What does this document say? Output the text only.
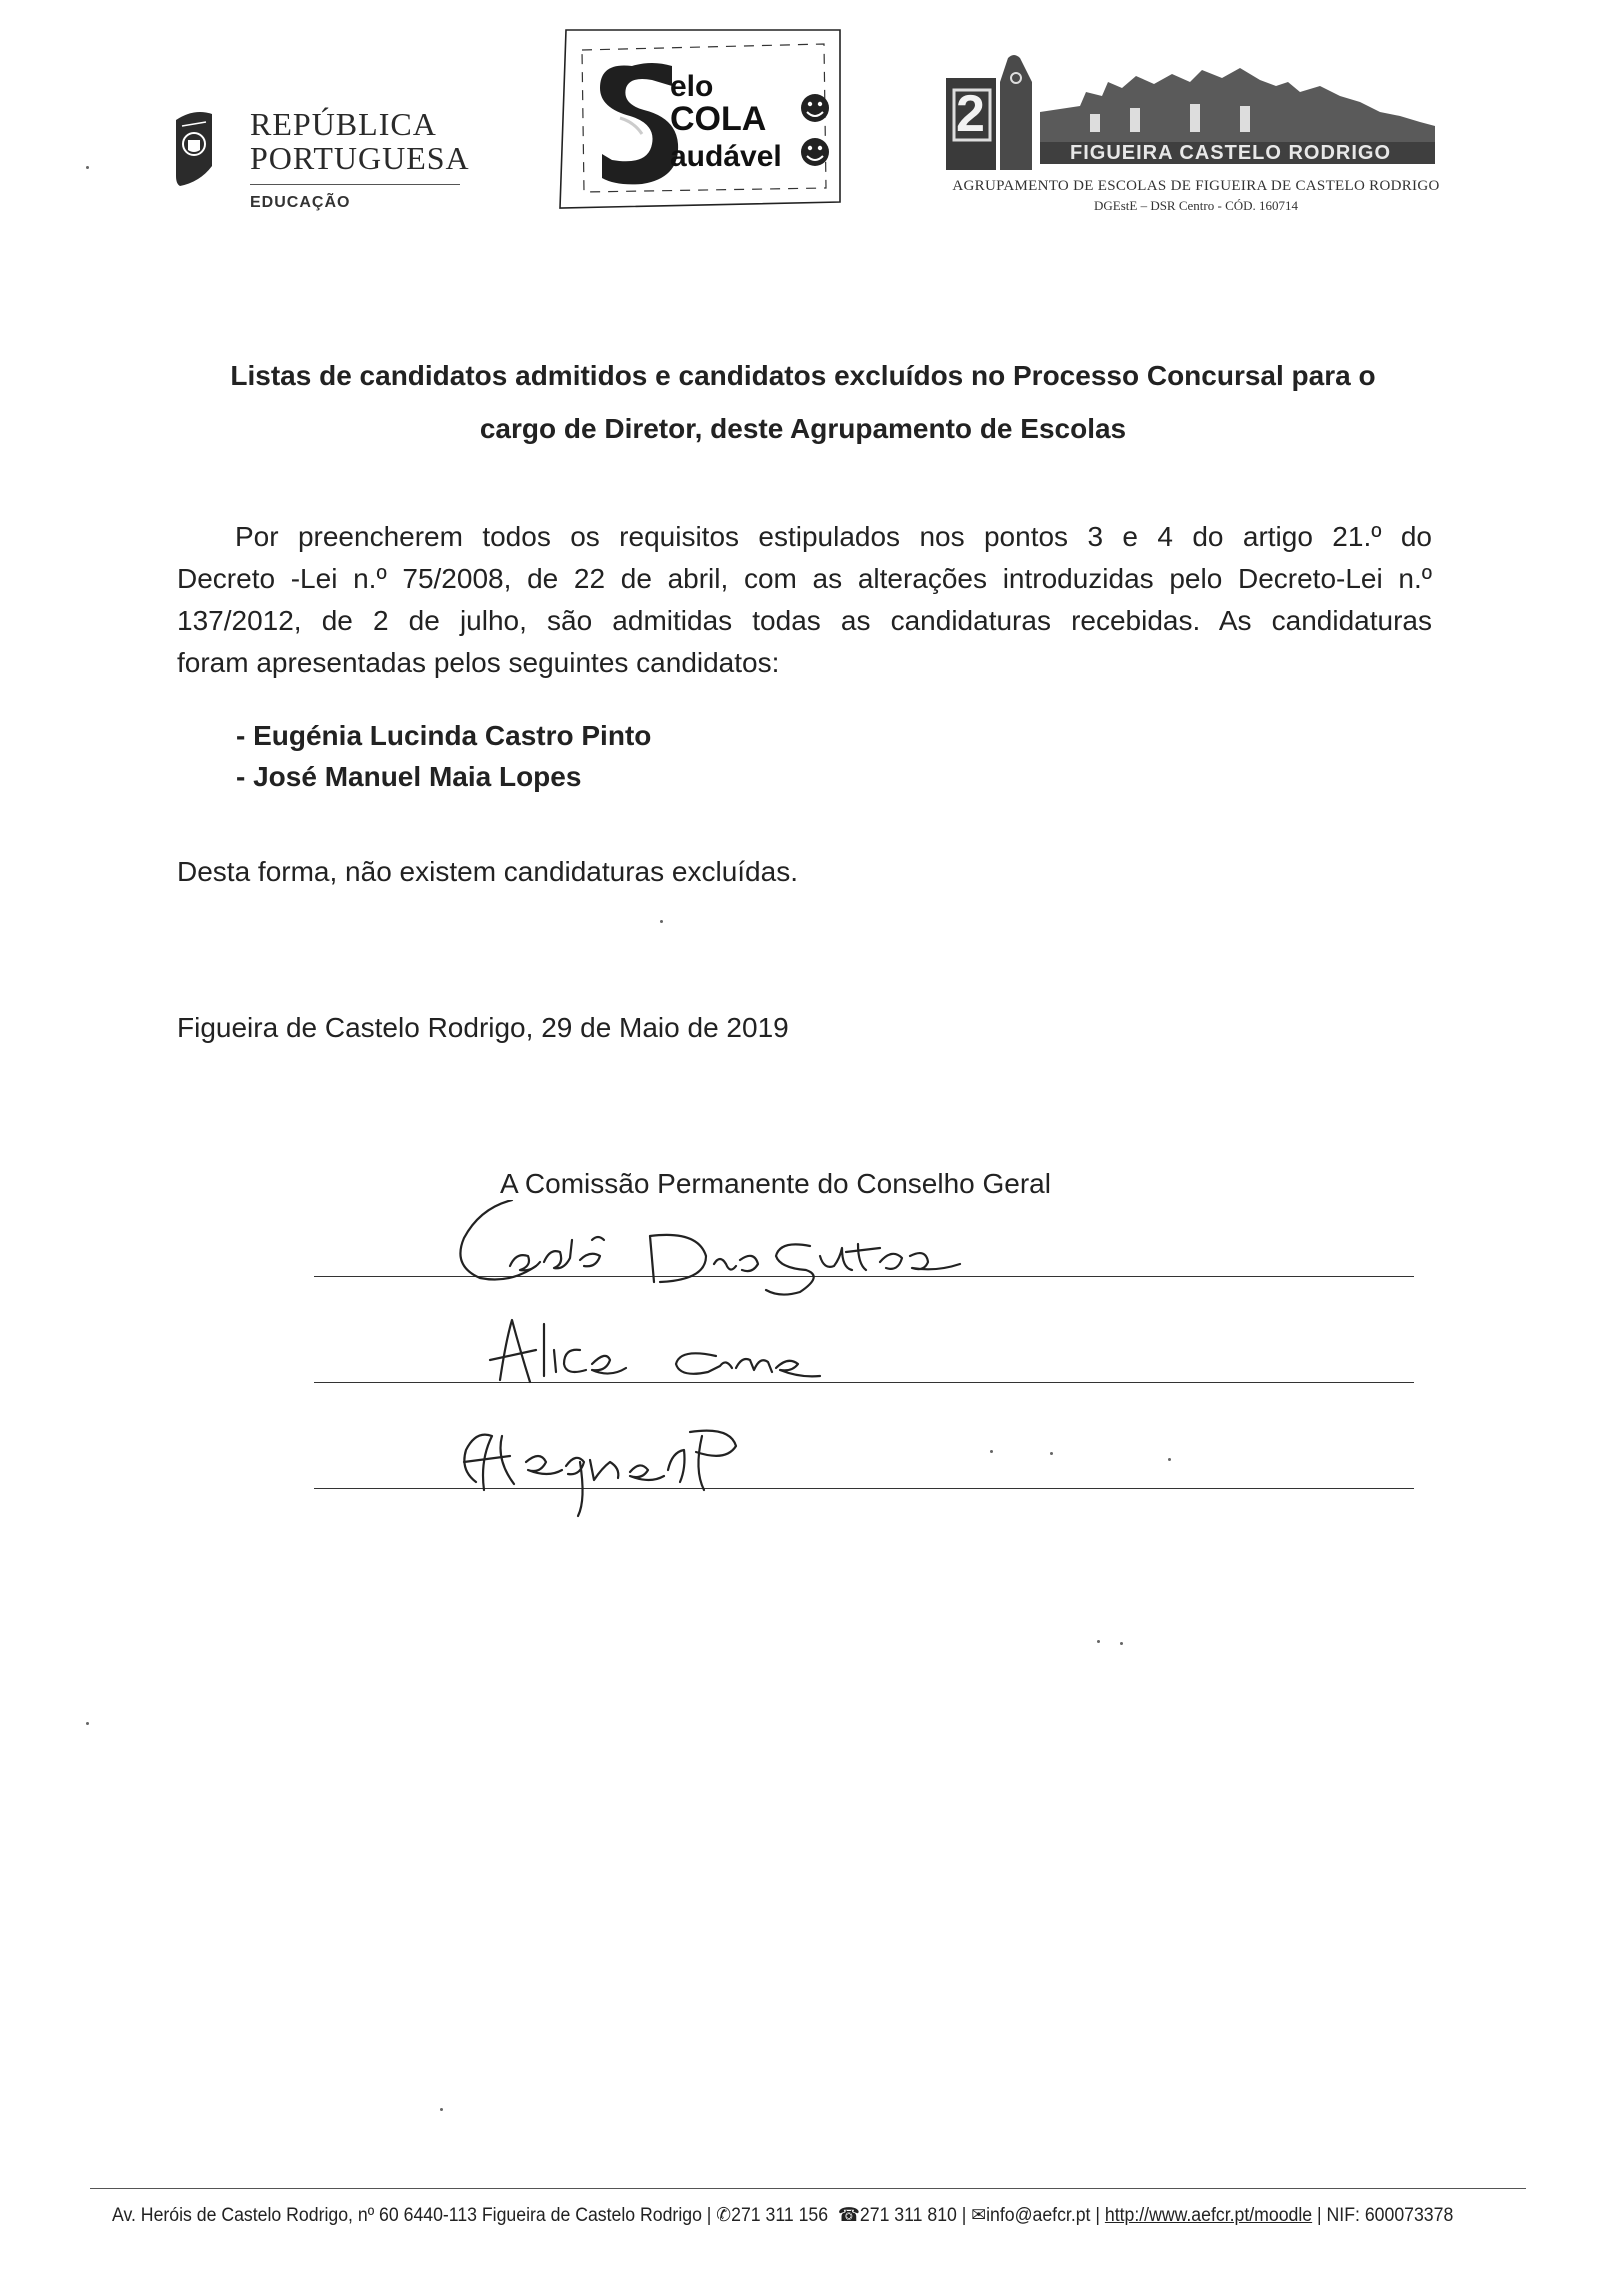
REPÚBLICA
PORTUGUESA
EDUCAÇÃO
elo
COLA
audável
2
FIGUEIRA CASTELO RODRIGO
AGRUPAMENTO DE ESCOLAS DE FIGUEIRA DE CASTELO RODRIGO
DGEstE – DSR Centro - CÓD. 160714
Listas de candidatos admitidos e candidatos excluídos no Processo Concursal para o
cargo de Diretor, deste Agrupamento de Escolas
Por preencherem todos os requisitos estipulados nos pontos 3 e 4 do artigo 21.º do
Decreto -Lei n.º 75/2008, de 22 de abril, com as alterações introduzidas pelo Decreto-Lei n.º
137/2012, de 2 de julho, são admitidas todas as candidaturas recebidas. As candidaturas
foram apresentadas pelos seguintes candidatos:
- Eugénia Lucinda Castro Pinto
- José Manuel Maia Lopes
Desta forma, não existem candidaturas excluídas.
Figueira de Castelo Rodrigo, 29 de Maio de 2019
A Comissão Permanente do Conselho Geral
Av. Heróis de Castelo Rodrigo, nº 60 6440-113 Figueira de Castelo Rodrigo | ✆271 311 156 ☎271 311 810 | ✉info@aefcr.pt | http://www.aefcr.pt/moodle | NIF: 600073378
